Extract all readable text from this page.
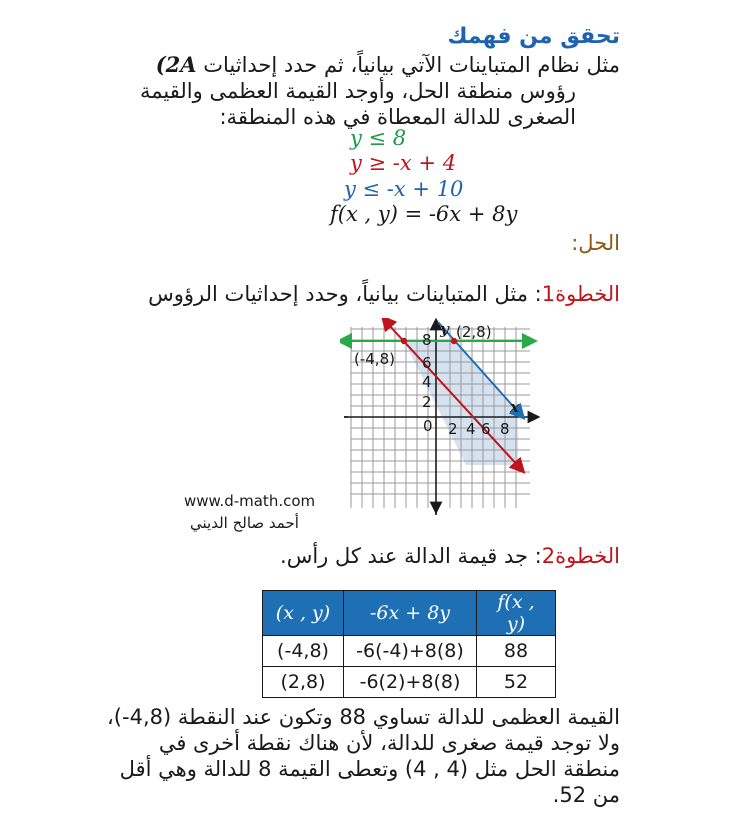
تحقق من فهمك
مثل نظام المتباينات الآتي بيانياً، ثم حدد إحداثيات 2A)
رؤوس منطقة الحل، وأوجد القيمة العظمى والقيمة
الصغرى للدالة المعطاة في هذه المنطقة:
y ≤ 8
y ≥ -x + 4
y ≤ -x + 10
f(x , y) = -6x + 8y
الحل:
الخطوة1: مثل المتباينات بيانياً، وحدد إحداثيات الرؤوس
8
6
4
2
0 2 4 6 8
y
x
(2,8)
(-4,8)
www.d-math.com
أحمد صالح الديني
الخطوة2: جد قيمة الدالة عند كل رأس.
(x , y)	-6x + 8y	f(x , y)
(-4,8)	-6(-4)+8(8)	88
(2,8)	-6(2)+8(8)	52
القيمة العظمى للدالة تساوي 88 وتكون عند النقطة (4,8-)،
ولا توجد قيمة صغرى للدالة، لأن هناك نقطة أخرى في
منطقة الحل مثل (4 , 4) وتعطى القيمة 8 للدالة وهي أقل
من 52.
